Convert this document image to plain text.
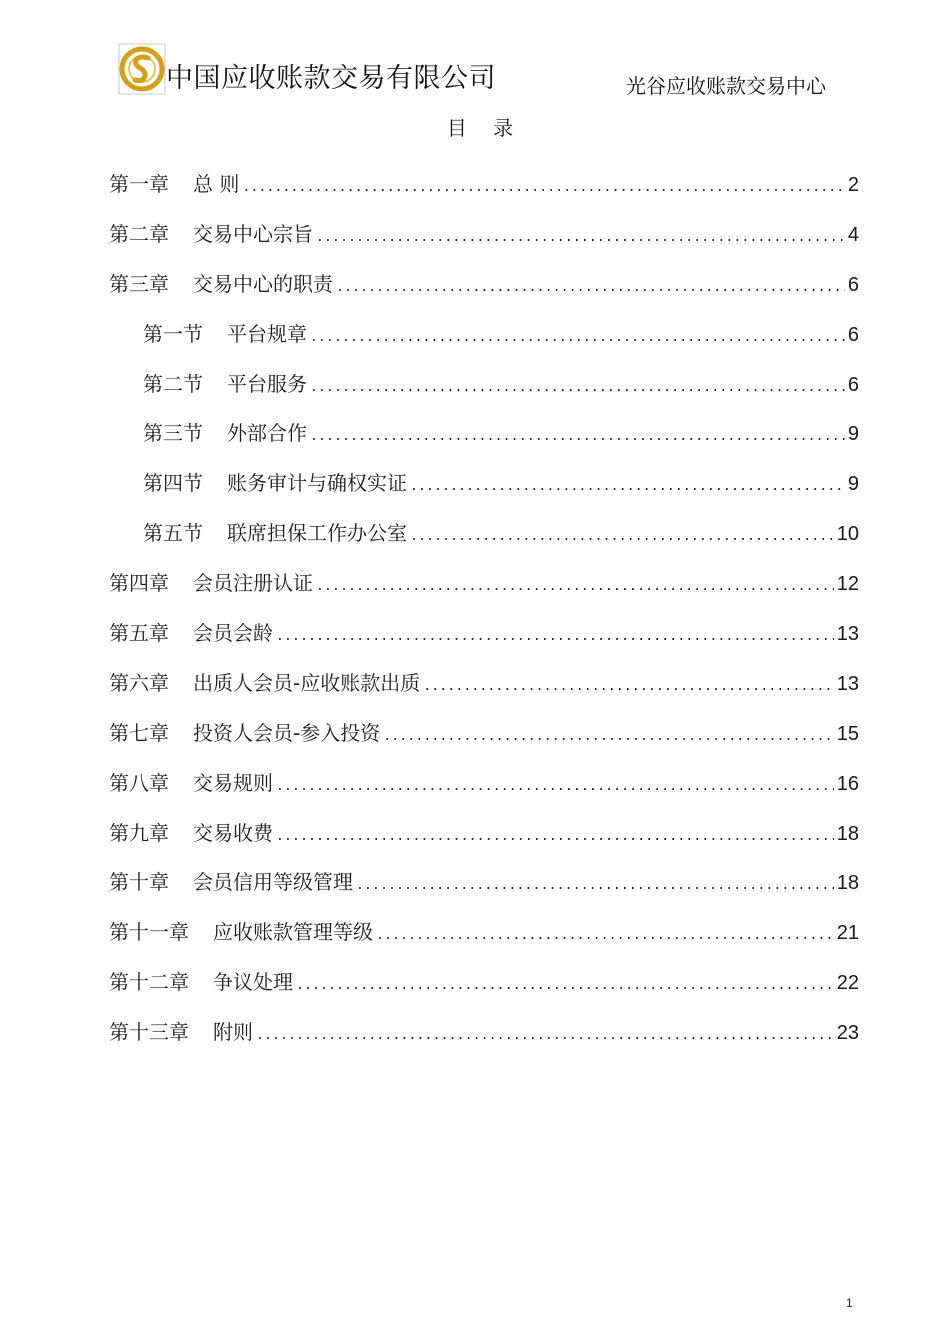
中国应收账款交易有限公司	光谷应收账款交易中心
目 录
第一章 总 则 .....	2
第二章 交易中心宗旨 .....	4
第三章 交易中心的职责 .....	6
第一节 平台规章 .....	6
第二节 平台服务 .....	6
第三节 外部合作 .....	9
第四节 账务审计与确权实证 .....	9
第五节 联席担保工作办公室 .....	10
第四章 会员注册认证 .....	12
第五章 会员会龄 .....	13
第六章 出质人会员-应收账款出质 .....	13
第七章 投资人会员-参入投资 .....	15
第八章 交易规则 .....	16
第九章 交易收费 .....	18
第十章 会员信用等级管理 .....	18
第十一章 应收账款管理等级 .....	21
第十二章 争议处理 .....	22
第十三章 附则 .....	23
1
